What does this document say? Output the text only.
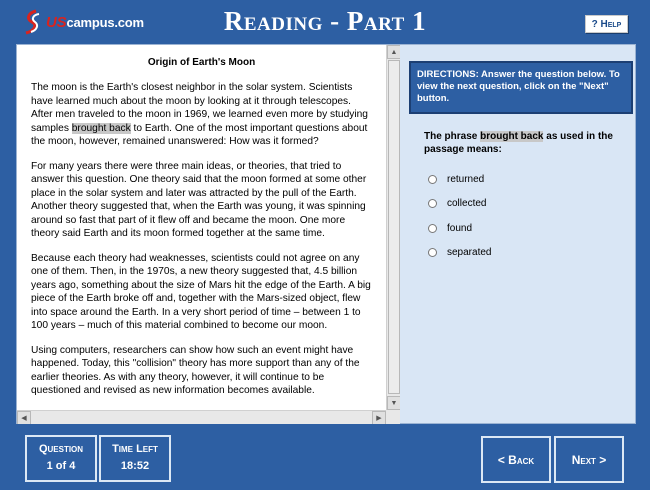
UScampus.com	Reading - Part 1	? Help
Origin of Earth's Moon

The moon is the Earth's closest neighbor in the solar system. Scientists have learned much about the moon by looking at it through telescopes. After men traveled to the moon in 1969, we learned even more by studying samples brought back to Earth. One of the most important questions about the moon, however, remained unanswered: How was it formed?

For many years there were three main ideas, or theories, that tried to answer this question. One theory said that the moon formed at some other place in the solar system and later was attracted by the pull of the Earth. Another theory suggested that, when the Earth was young, it was spinning around so fast that part of it flew off and became the moon. One more theory said Earth and its moon formed together at the same time.

Because each theory had weaknesses, scientists could not agree on any one of them. Then, in the 1970s, a new theory suggested that, 4.5 billion years ago, something about the size of Mars hit the edge of the Earth. A big piece of the Earth broke off and, together with the Mars-sized object, flew into space around the Earth. In a very short period of time – between 1 to 100 years – much of this material combined to become our moon.

Using computers, researchers can show how such an event might have happened. Today, this "collision" theory has more support than any of the earlier theories. As with any theory, however, it will continue to be questioned and revised as new information becomes available.

▲
▼
◀	▶
DIRECTIONS: Answer the question below. To view the next question, click on the "Next" button.
The phrase brought back as used in the passage means:
returned
collected
found
separated
Question
1 of 4
Time Left
18:52	< Back	Next >
